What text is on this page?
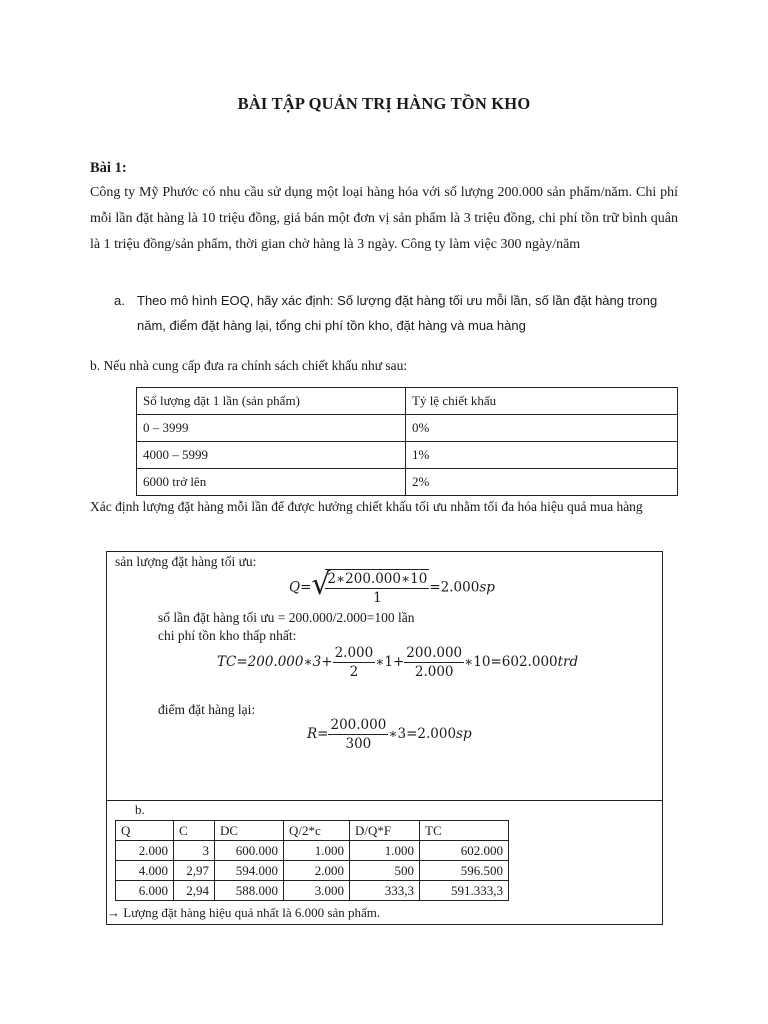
BÀI TẬP QUẢN TRỊ HÀNG TỒN KHO
Bài 1:
Công ty Mỹ Phước có nhu cầu sử dụng một loại hàng hóa với số lượng 200.000 sản phẩm/năm. Chi phí mỗi lần đặt hàng là 10 triệu đồng, giá bán một đơn vị sản phẩm là 3 triệu đồng, chi phí tồn trữ bình quân là 1 triệu đồng/sản phẩm, thời gian chờ hàng là 3 ngày. Công ty làm việc 300 ngày/năm
a. Theo mô hình EOQ, hãy xác định: Số lượng đặt hàng tối ưu mỗi lần, số lần đặt hàng trong năm, điểm đặt hàng lại, tổng chi phí tồn kho, đặt hàng và mua hàng
b. Nếu nhà cung cấp đưa ra chính sách chiết khấu như sau:
Số lượng đặt 1 lần (sản phẩm)	Tỷ lệ chiết khấu
0 – 3999	0%
4000 – 5999	1%
6000 trở lên	2%
Xác định lượng đặt hàng mỗi lần để được hưởng chiết khấu tối ưu nhằm tối đa hóa hiệu quả mua hàng
sản lượng đặt hàng tối ưu:
Q= √
$\frac{2∗200.000∗10}{1} =2.000sp$
số lần đặt hàng tối ưu = 200.000/2.000=100 lần
chi phí tồn kho thấp nhất:
TC=200.000∗3+ $\frac{2.000}{2}$ ∗1+ $\frac{200.000}{2.000}$ ∗10=602.000trd
điểm đặt hàng lại:
$R= \frac{200.000}{300}$ ∗3=2.000sp
b.
Q	C	DC	Q/2*c	D/Q*F	TC
2.000	3	600.000	1.000	1.000	602.000
4.000	2,97	594.000	2.000	500	596.500
6.000	2,94	588.000	3.000	333,3	591.333,3
→ Lượng đặt hàng hiệu quả nhất là 6.000 sản phẩm.
